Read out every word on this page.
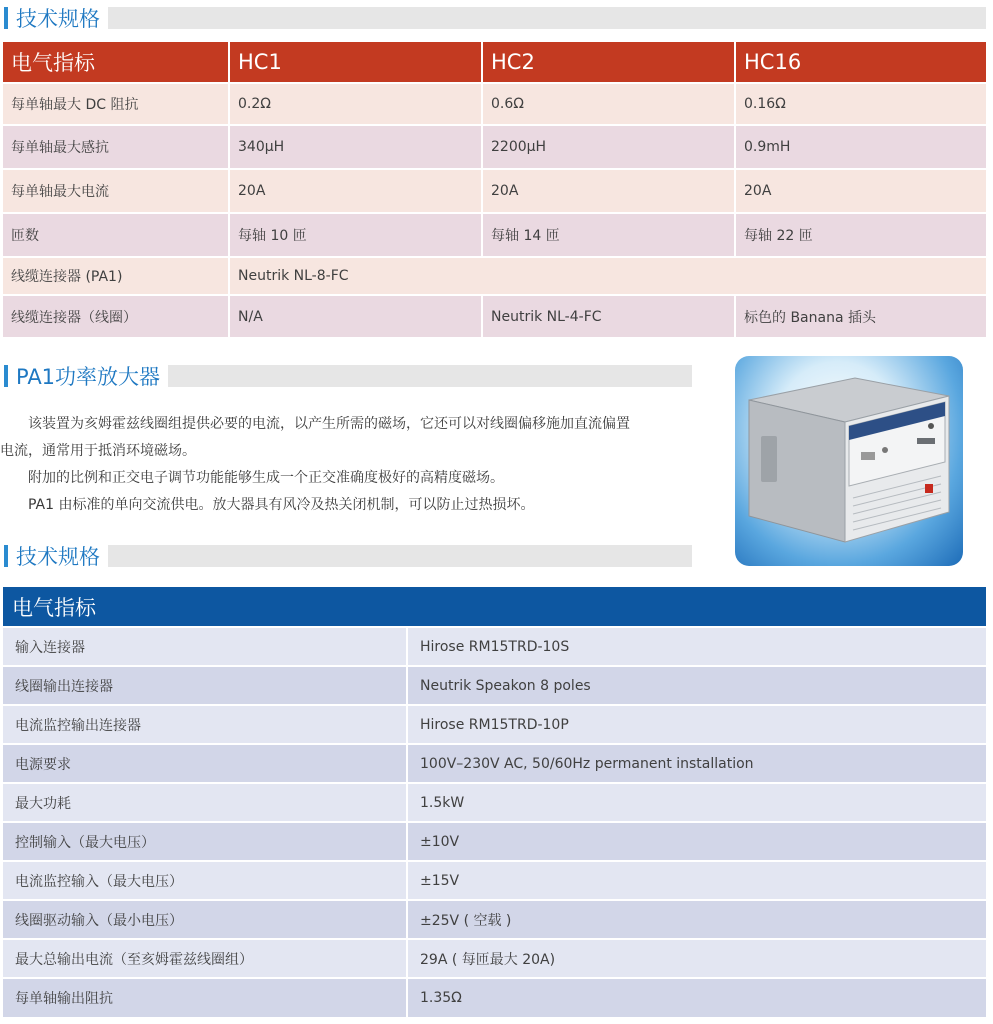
技术规格
电气指标	HC1	HC2	HC16
每单轴最大 DC 阻抗	0.2Ω	0.6Ω	0.16Ω
每单轴最大感抗	340μH	2200μH	0.9mH
每单轴最大电流	20A	20A	20A
匝数	每轴 10 匝	每轴 14 匝	每轴 22 匝
线缆连接器 (PA1)	Neutrik NL-8-FC		
线缆连接器（线圈）	N/A	Neutrik NL-4-FC	标色的 Banana 插头
PA1功率放大器
该装置为亥姆霍兹线圈组提供必要的电流，以产生所需的磁场，它还可以对线圈偏移施加直流偏置
电流，通常用于抵消环境磁场。
附加的比例和正交电子调节功能能够生成一个正交准确度极好的高精度磁场。
PA1 由标准的单向交流供电。放大器具有风冷及热关闭机制，可以防止过热损坏。
技术规格
电气指标	
输入连接器	Hirose RM15TRD-10S
线圈输出连接器	Neutrik Speakon 8 poles
电流监控输出连接器	Hirose RM15TRD-10P
电源要求	100V–230V AC, 50/60Hz permanent installation
最大功耗	1.5kW
控制输入（最大电压）	±10V
电流监控输入（最大电压）	±15V
线圈驱动输入（最小电压）	±25V ( 空载 )
最大总输出电流（至亥姆霍兹线圈组）	29A ( 每匝最大 20A)
每单轴输出阻抗	1.35Ω
